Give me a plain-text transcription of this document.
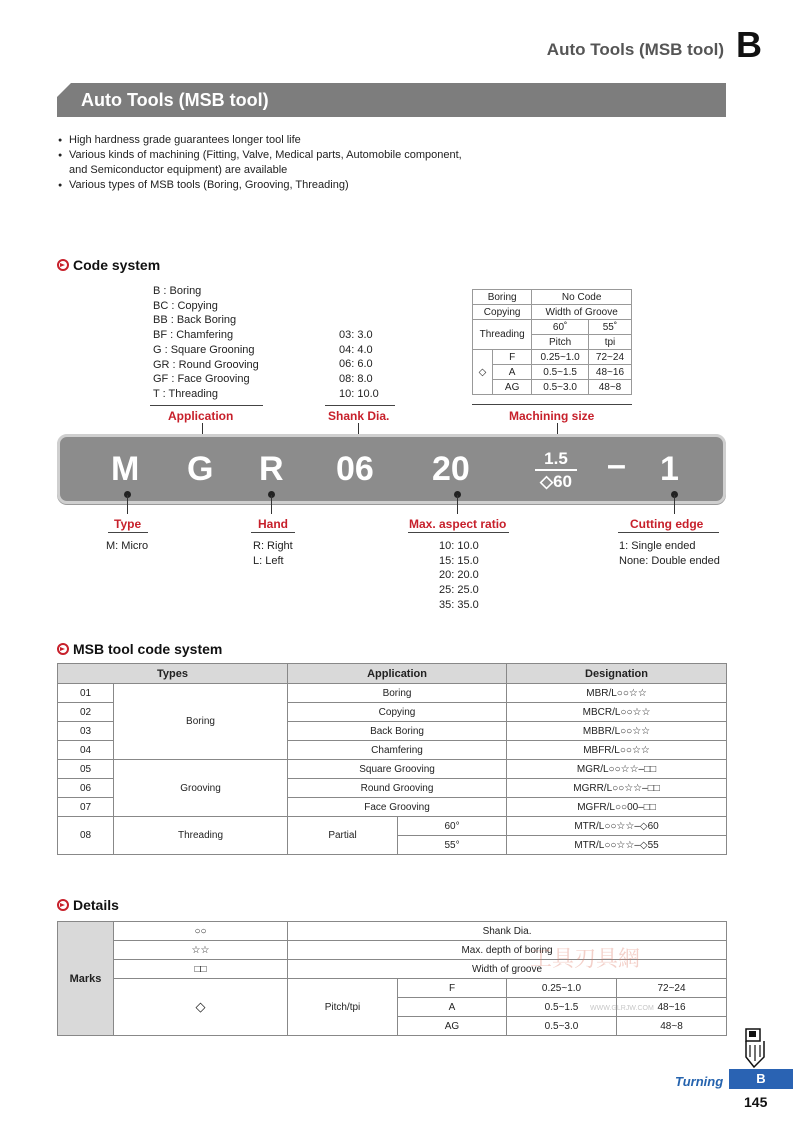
Auto Tools (MSB tool) B
Auto Tools (MSB tool)
● High hardness grade guarantees longer tool life
● Various kinds of machining (Fitting, Valve, Medical parts, Automobile component,
and Semiconductor equipment) are available
● Various types of MSB tools (Boring, Grooving, Threading)
Code system
B : Boring
BC : Copying
BB : Back Boring
BF : Chamfering
G : Square Grooning
GR : Round Grooving
GF : Face Grooving
T : Threading
Application
03: 3.0
04: 4.0
06: 6.0
08: 8.0
10: 10.0
Shank Dia.
Boring		No Code	
Copying		Width of Groove	
Threading		60˚	55˚
		Pitch	tpi
◇	F	0.25~1.0	72~24
	A	0.5~1.5	48~16
	AG	0.5~3.0	48~8
Machining size
M G R 06 20	1.5
◇60 – 1
Type
M: Micro
Hand
R: Right
L: Left
Max. aspect ratio
10: 10.0
15: 15.0
20: 20.0
25: 25.0
35: 35.0
Cutting edge
1: Single ended
None: Double ended
MSB tool code system
Types		Application		Designation
01	Boring	Boring		MBR/L○○☆☆
02		Copying		MBCR/L○○☆☆
03		Back Boring		MBBR/L○○☆☆
04		Chamfering		MBFR/L○○☆☆
05	Grooving	Square Grooving		MGR/L○○☆☆–□□
06		Round Grooving		MGRR/L○○☆☆–□□
07		Face Grooving		MGFR/L○○00–□□
08	Threading	Partial	60°	MTR/L○○☆☆–◇60
			55°	MTR/L○○☆☆–◇55
Details
Marks	○○	Shank Dia.			
	☆☆	Max. depth of boring			
	□□	Width of groove			
	◇	Pitch/tpi	F	0.25~1.0	72~24
			A	0.5~1.5	48~16
			AG	0.5~3.0	48~8
工具刃具網
WWW.GLRJW.COM
Turning	B
145
